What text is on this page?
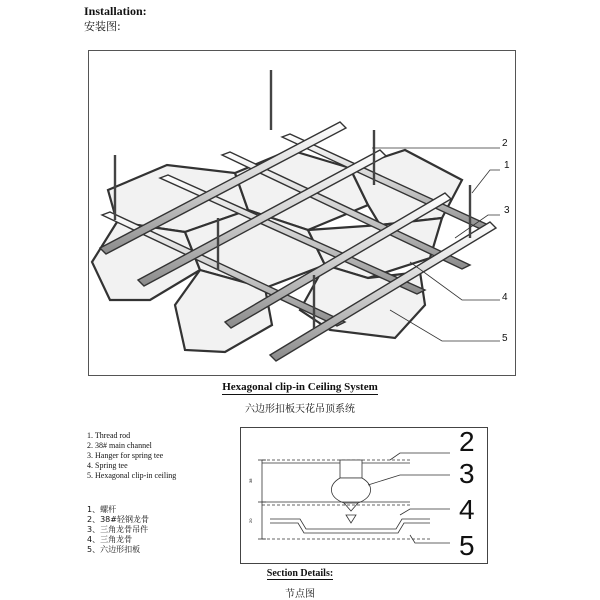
Installation:
安装图:
2
1
3
4
5
Hexagonal clip-in Ceiling System
六边形扣板天花吊顶系统
1. Thread rod
2. 38# main channel
3. Hanger for spring tee
4. Spring tee
5. Hexagonal clip-in ceiling
1、螺杆
2、38#轻钢龙骨
3、三角龙骨吊件
4、三角龙骨
5、六边形扣板
38
20
2
3
4
5
Section Details:
节点图
